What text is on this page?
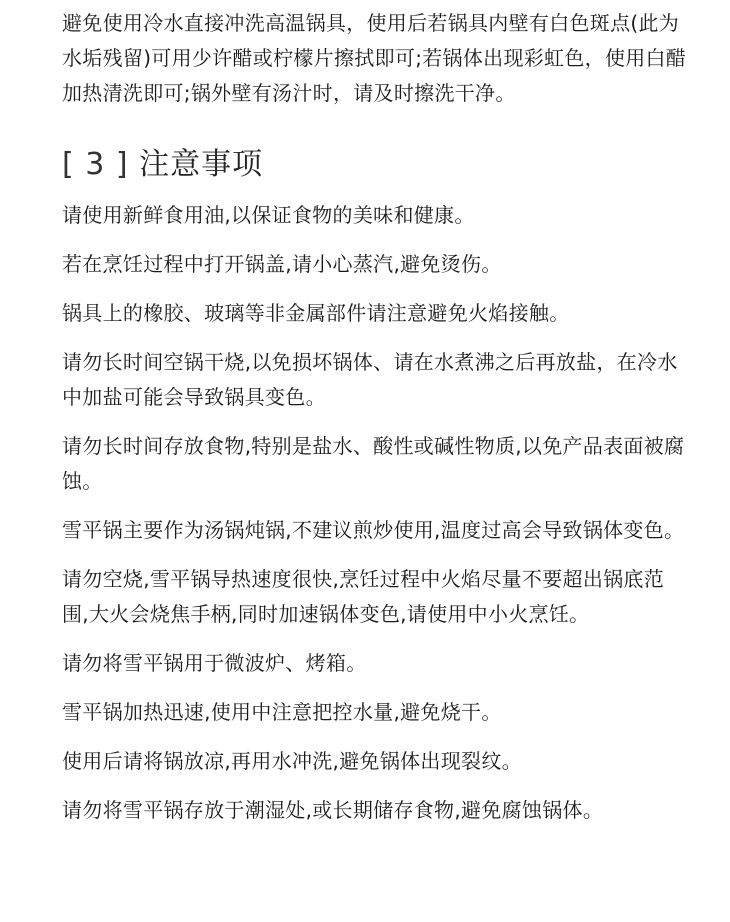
避免使用冷水直接冲洗高温锅具，使用后若锅具内壁有白色斑点(此为水垢残留)可用少许醋或柠檬片擦拭即可;若锅体出现彩虹色，使用白醋加热清洗即可;锅外壁有汤汁时，请及时擦洗干净。

[ 3 ] 注意事项
请使用新鲜食用油,以保证食物的美味和健康。
若在烹饪过程中打开锅盖,请小心蒸汽,避免烫伤。
锅具上的橡胶、玻璃等非金属部件请注意避免火焰接触。
请勿长时间空锅干烧,以免损坏锅体、请在水煮沸之后再放盐，在冷水中加盐可能会导致锅具变色。
请勿长时间存放食物,特别是盐水、酸性或碱性物质,以免产品表面被腐蚀。
雪平锅主要作为汤锅炖锅,不建议煎炒使用,温度过高会导致锅体变色。
请勿空烧,雪平锅导热速度很快,烹饪过程中火焰尽量不要超出锅底范围,大火会烧焦手柄,同时加速锅体变色,请使用中小火烹饪。
请勿将雪平锅用于微波炉、烤箱。
雪平锅加热迅速,使用中注意把控水量,避免烧干。
使用后请将锅放凉,再用水冲洗,避免锅体出现裂纹。
请勿将雪平锅存放于潮湿处,或长期储存食物,避免腐蚀锅体。
